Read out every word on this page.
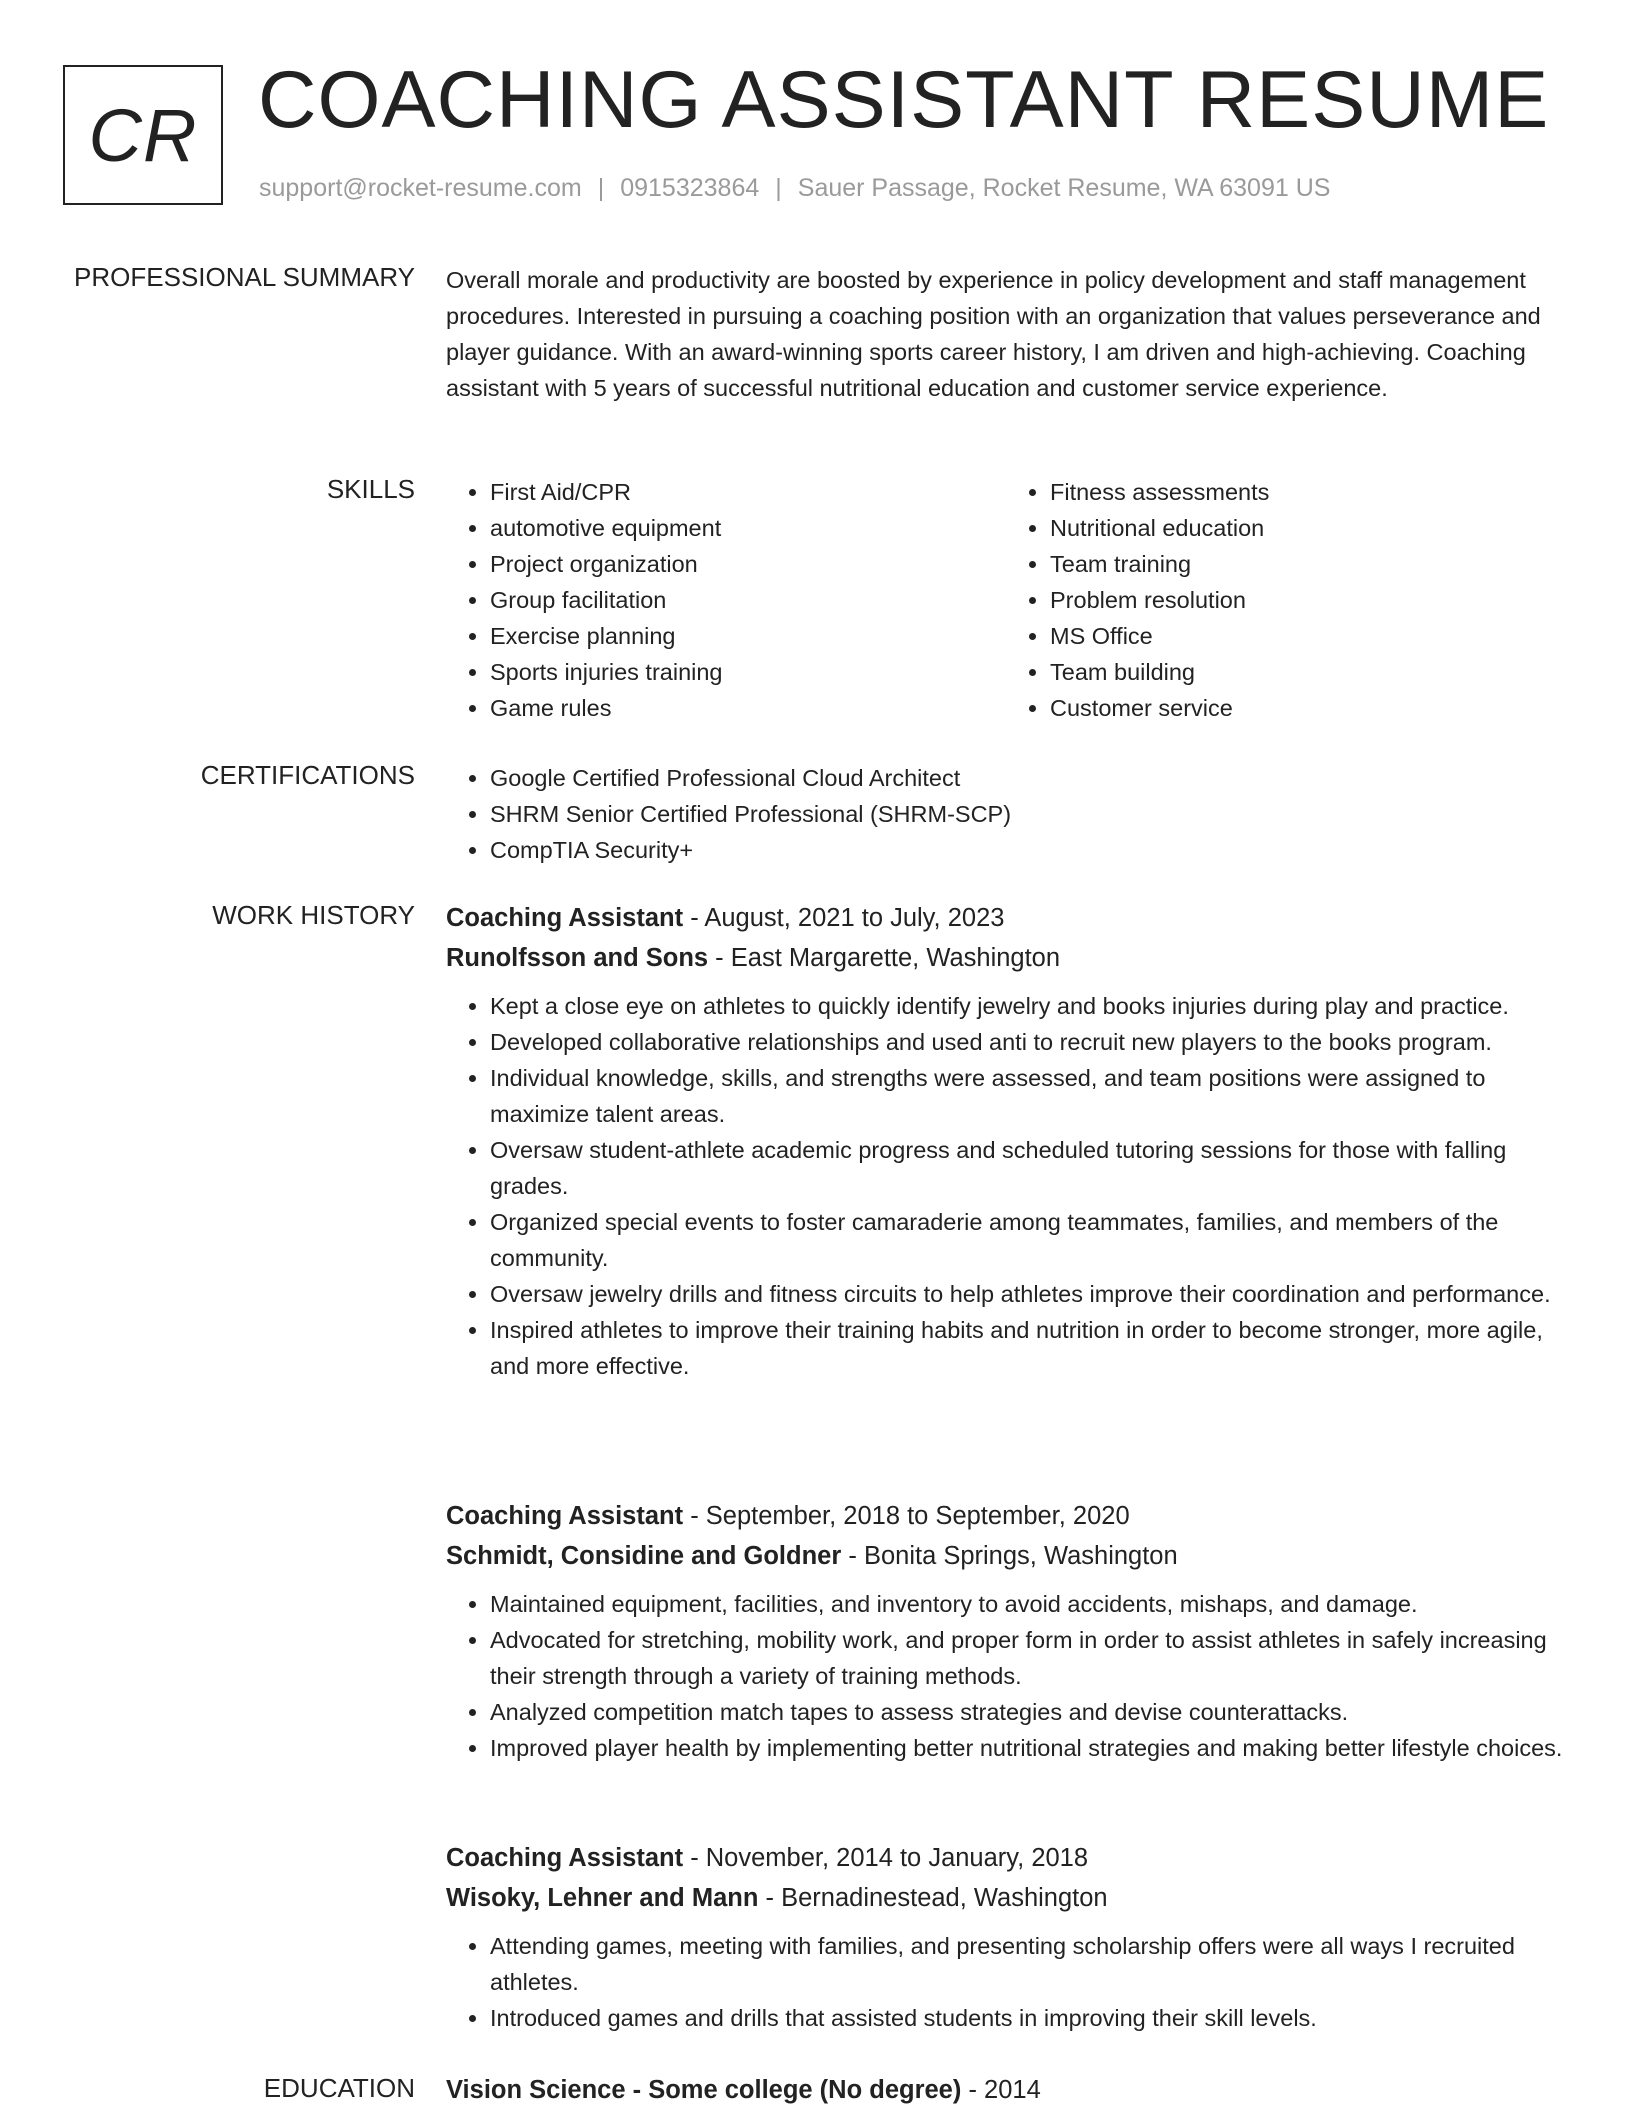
CR COACHING ASSISTANT RESUME
support@rocket-resume.com | 0915323864 | Sauer Passage, Rocket Resume, WA 63091 US
PROFESSIONAL SUMMARY Overall morale and productivity are boosted by experience in policy development and staff management procedures. Interested in pursuing a coaching position with an organization that values perseverance and player guidance. With an award-winning sports career history, I am driven and high-achieving. Coaching assistant with 5 years of successful nutritional education and customer service experience.

SKILLS	• First Aid/CPR
• automotive equipment
• Project organization
• Group facilitation
• Exercise planning
• Sports injuries training
• Game rules
• Fitness assessments
• Nutritional education
• Team training
• Problem resolution
• MS Office
• Team building
• Customer service
CERTIFICATIONS	• Google Certified Professional Cloud Architect
• SHRM Senior Certified Professional (SHRM-SCP)
• CompTIA Security+
WORK HISTORY Coaching Assistant - August, 2021 to July, 2023
Runolfsson and Sons - East Margarette, Washington
• Kept a close eye on athletes to quickly identify jewelry and books injuries during play and practice.
• Developed collaborative relationships and used anti to recruit new players to the books program.
• Individual knowledge, skills, and strengths were assessed, and team positions were assigned to maximize talent areas.
• Oversaw student-athlete academic progress and scheduled tutoring sessions for those with falling grades.
• Organized special events to foster camaraderie among teammates, families, and members of the community.
• Oversaw jewelry drills and fitness circuits to help athletes improve their coordination and performance.
• Inspired athletes to improve their training habits and nutrition in order to become stronger, more agile, and more effective.
Coaching Assistant - September, 2018 to September, 2020
Schmidt, Considine and Goldner - Bonita Springs, Washington
• Maintained equipment, facilities, and inventory to avoid accidents, mishaps, and damage.
• Advocated for stretching, mobility work, and proper form in order to assist athletes in safely increasing their strength through a variety of training methods.
• Analyzed competition match tapes to assess strategies and devise counterattacks.
• Improved player health by implementing better nutritional strategies and making better lifestyle choices.
Coaching Assistant - November, 2014 to January, 2018
Wisoky, Lehner and Mann - Bernadinestead, Washington
• Attending games, meeting with families, and presenting scholarship offers were all ways I recruited athletes.
• Introduced games and drills that assisted students in improving their skill levels.
EDUCATION Vision Science - Some college (No degree) - 2014
